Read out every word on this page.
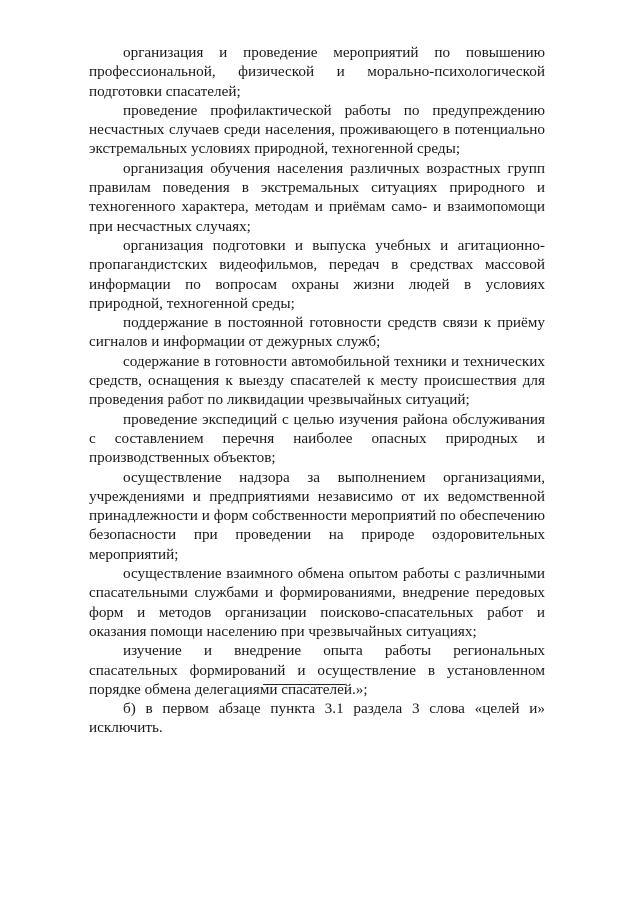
организация и проведение мероприятий по повышению профессиональной, физической и морально-психологической подготовки спасателей;

проведение профилактической работы по предупреждению несчастных случаев среди населения, проживающего в потенциально экстремальных условиях природной, техногенной среды;

организация обучения населения различных возрастных групп правилам поведения в экстремальных ситуациях природного и техногенного характера, методам и приёмам само- и взаимопомощи при несчастных случаях;

организация подготовки и выпуска учебных и агитационно-пропагандистских видеофильмов, передач в средствах массовой информации по вопросам охраны жизни людей в условиях природной, техногенной среды;

поддержание в постоянной готовности средств связи к приёму сигналов и информации от дежурных служб;

содержание в готовности автомобильной техники и технических средств, оснащения к выезду спасателей к месту происшествия для проведения работ по ликвидации чрезвычайных ситуаций;

проведение экспедиций с целью изучения района обслуживания с составлением перечня наиболее опасных природных и производственных объектов;

осуществление надзора за выполнением организациями, учреждениями и предприятиями независимо от их ведомственной принадлежности и форм собственности мероприятий по обеспечению безопасности при проведении на природе оздоровительных мероприятий;

осуществление взаимного обмена опытом работы с различными спасательными службами и формированиями, внедрение передовых форм и методов организации поисково-спасательных работ и оказания помощи населению при чрезвычайных ситуациях;

изучение и внедрение опыта работы региональных спасательных формирований и осуществление в установленном порядке обмена делегациями спасателей.»;

б) в первом абзаце пункта 3.1 раздела 3 слова «целей и» исключить.
